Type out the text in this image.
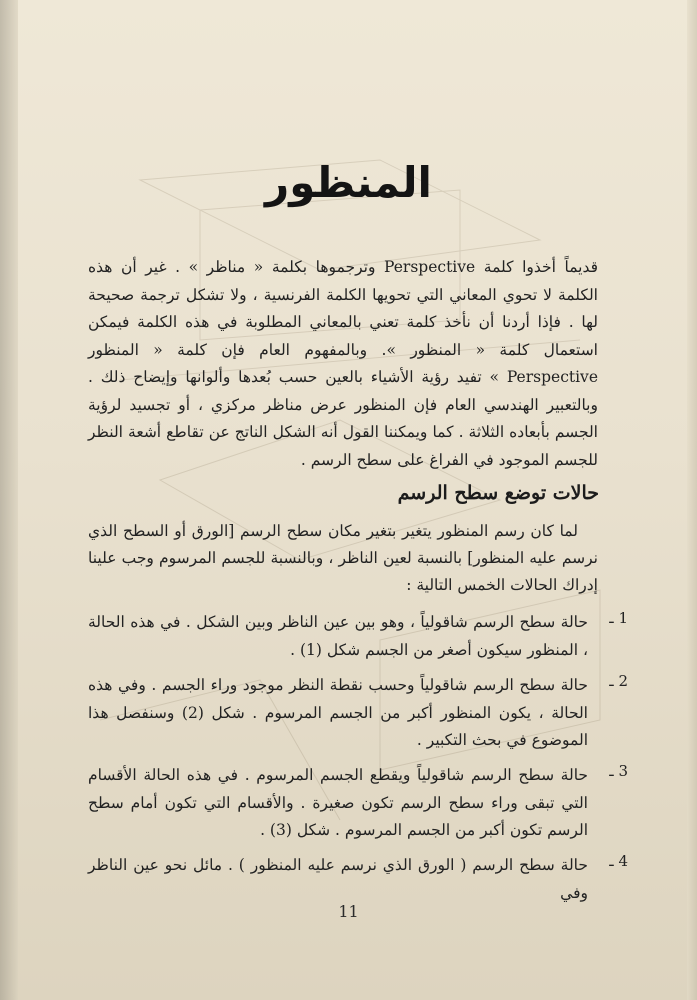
المنظور
قديماً أخذوا كلمة Perspective وترجموها بكلمة « مناظر » . غير أن هذه الكلمة لا تحوي المعاني التي تحويها الكلمة الفرنسية ، ولا تشكل ترجمة صحيحة لها . فإذا أردنا أن نأخذ كلمة تعني بالمعاني المطلوبة في هذه الكلمة فيمكن استعمال كلمة « المنظور ». وبالمفهوم العام فإن كلمة « المنظور Perspective » تفيد رؤية الأشياء بالعين حسب بُعدها وألوانها وإيضاح ذلك . وبالتعبير الهندسي العام فإن المنظور عرض مناظر مركزي ، أو تجسيد لرؤية الجسم بأبعاده الثلاثة . كما ويمكننا القول أنه الشكل الناتج عن تقاطع أشعة النظر للجسم الموجود في الفراغ على سطح الرسم .
حالات توضع سطح الرسم
لما كان رسم المنظور يتغير بتغير مكان سطح الرسم [الورق أو السطح الذي نرسم عليه المنظور] بالنسبة لعين الناظر ، وبالنسبة للجسم المرسوم وجب علينا إدراك الحالات الخمس التالية :
1 ـ
حالة سطح الرسم شاقولياً ، وهو بين عين الناظر وبين الشكل . في هذه الحالة ، المنظور سيكون أصغر من الجسم شكل (1) .
2 ـ
حالة سطح الرسم شاقولياً وحسب نقطة النظر موجود وراء الجسم . وفي هذه الحالة ، يكون المنظور أكبر من الجسم المرسوم . شكل (2) وسنفصل هذا الموضوع في بحث التكبير .
3 ـ
حالة سطح الرسم شاقولياً ويقطع الجسم المرسوم . في هذه الحالة الأقسام التي تبقى وراء سطح الرسم تكون صغيرة . والأقسام التي تكون أمام سطح الرسم تكون أكبر من الجسم المرسوم . شكل (3) .
4 ـ
حالة سطح الرسم ( الورق الذي نرسم عليه المنظور ) . مائل نحو عين الناظر وفي
11
